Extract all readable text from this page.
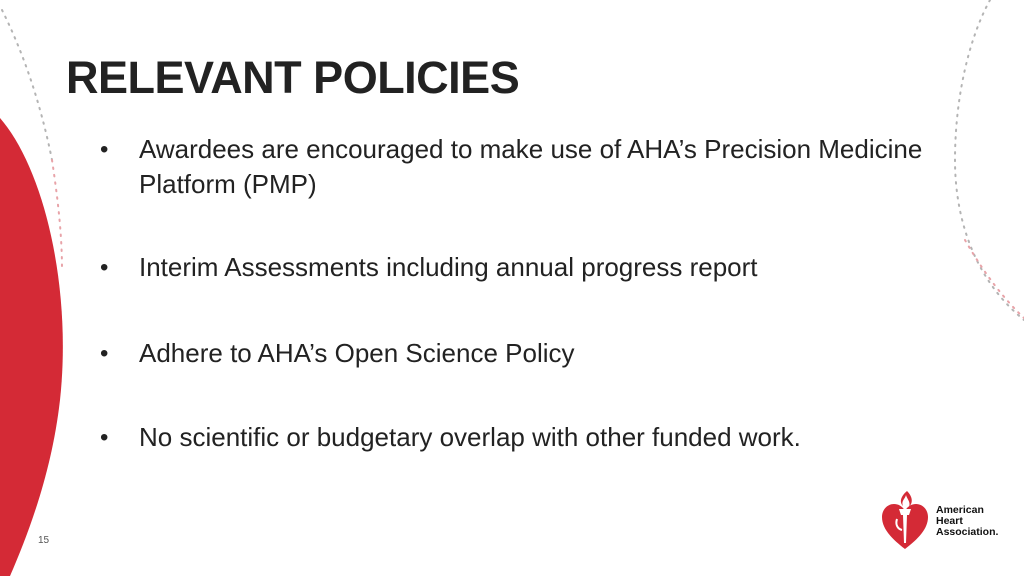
RELEVANT POLICIES
•	Awardees are encouraged to make use of AHA’s Precision Medicine Platform (PMP)
•	Interim Assessments including annual progress report
•	Adhere to AHA’s Open Science Policy
•	No scientific or budgetary overlap with other funded work.
15
American
Heart
Association.
